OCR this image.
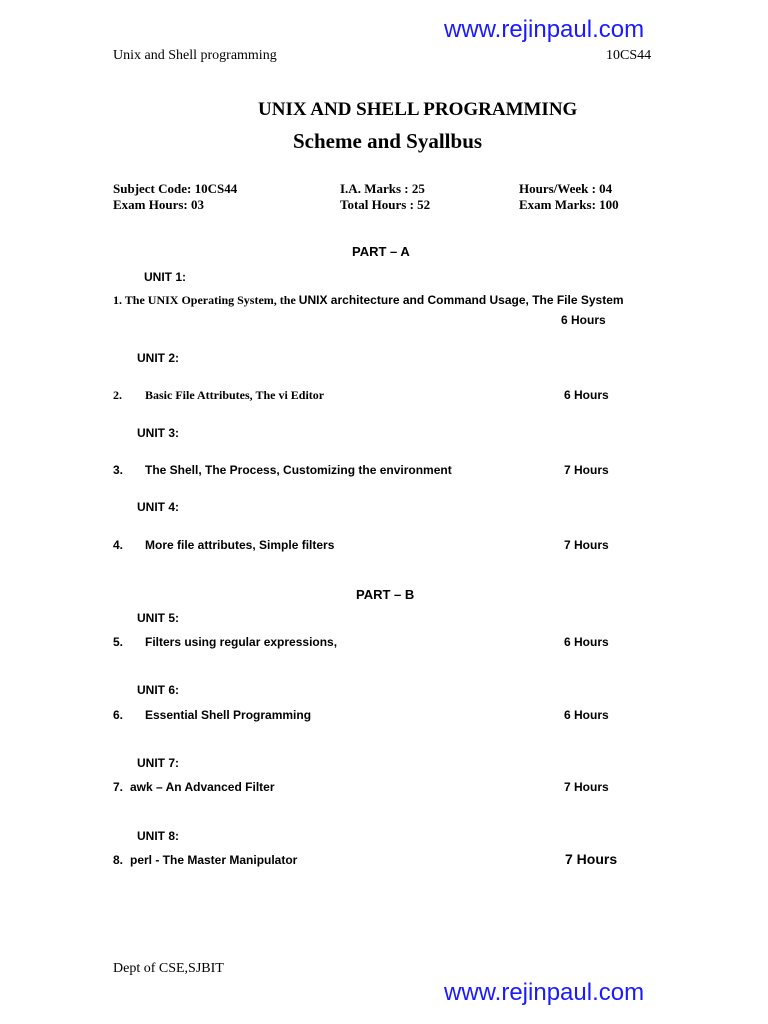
www.rejinpaul.com
Unix and Shell programming	10CS44
UNIX AND SHELL PROGRAMMING
Scheme and Syallbus
Subject Code: 10CS44	I.A. Marks : 25	Hours/Week : 04
Exam Hours: 03	Total Hours : 52	Exam Marks: 100
PART – A
UNIT 1:
1. The UNIX Operating System, the UNIX architecture and Command Usage, The File System
6 Hours
UNIT 2:
2. Basic File Attributes, The vi Editor	6 Hours
UNIT 3:
3. The Shell, The Process, Customizing the environment	7 Hours
UNIT 4:
4. More file attributes, Simple filters	7 Hours
PART – B
UNIT 5:
5. Filters using regular expressions,	6 Hours
UNIT 6:
6. Essential Shell Programming	6 Hours
UNIT 7:
7. awk – An Advanced Filter	7 Hours
UNIT 8:
8. perl - The Master Manipulator	7 Hours
Dept of CSE,SJBIT
www.rejinpaul.com
